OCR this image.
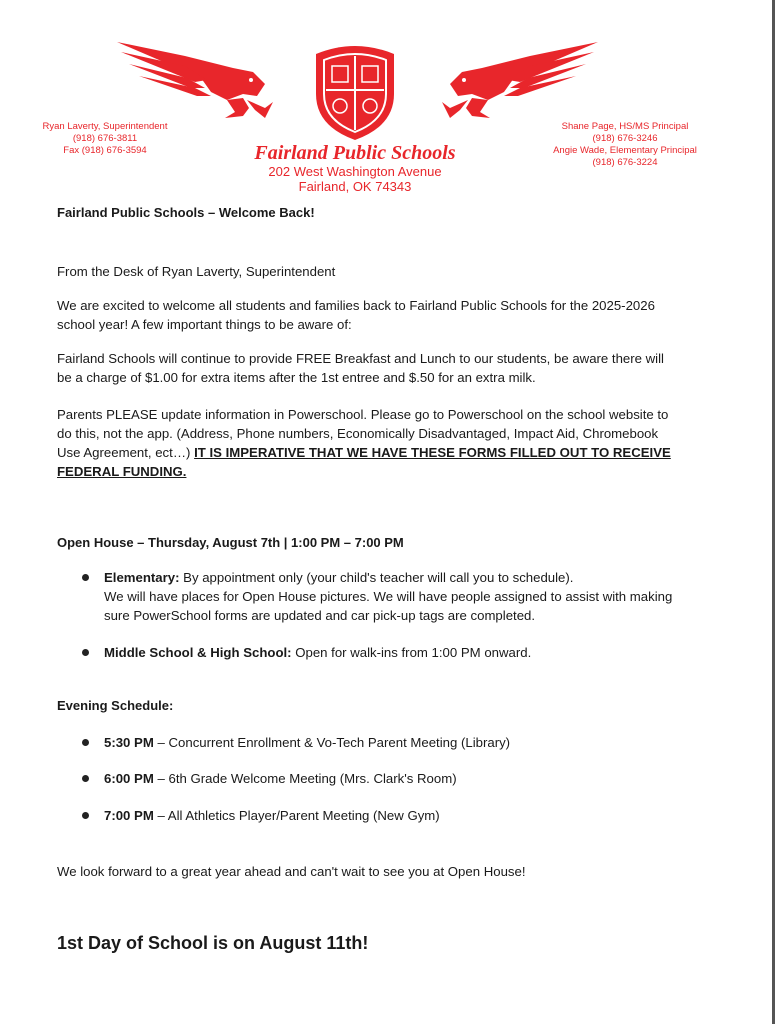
Ryan Laverty, Superintendent
(918) 676-3811
Fax (918) 676-3594	Fairland Public Schools
202 West Washington Avenue
Fairland, OK 74343
Shane Page, HS/MS Principal
(918) 676-3246
Angie Wade, Elementary Principal
(918) 676-3224
Fairland Public Schools – Welcome Back!
From the Desk of Ryan Laverty, Superintendent
We are excited to welcome all students and families back to Fairland Public Schools for the 2025-2026 school year! A few important things to be aware of:
Fairland Schools will continue to provide FREE Breakfast and Lunch to our students, be aware there will be a charge of $1.00 for extra items after the 1st entree and $.50 for an extra milk.
Parents PLEASE update information in Powerschool. Please go to Powerschool on the school website to do this, not the app. (Address, Phone numbers, Economically Disadvantaged, Impact Aid, Chromebook Use Agreement, ect…) IT IS IMPERATIVE THAT WE HAVE THESE FORMS FILLED OUT TO RECEIVE FEDERAL FUNDING.
Open House – Thursday, August 7th | 1:00 PM – 7:00 PM
Elementary: By appointment only (your child's teacher will call you to schedule).
We will have places for Open House pictures. We will have people assigned to assist with making sure PowerSchool forms are updated and car pick-up tags are completed.
Middle School & High School: Open for walk-ins from 1:00 PM onward.
Evening Schedule:
5:30 PM – Concurrent Enrollment & Vo-Tech Parent Meeting (Library)
6:00 PM – 6th Grade Welcome Meeting (Mrs. Clark's Room)
7:00 PM – All Athletics Player/Parent Meeting (New Gym)
We look forward to a great year ahead and can't wait to see you at Open House!
1st Day of School is on August 11th!
